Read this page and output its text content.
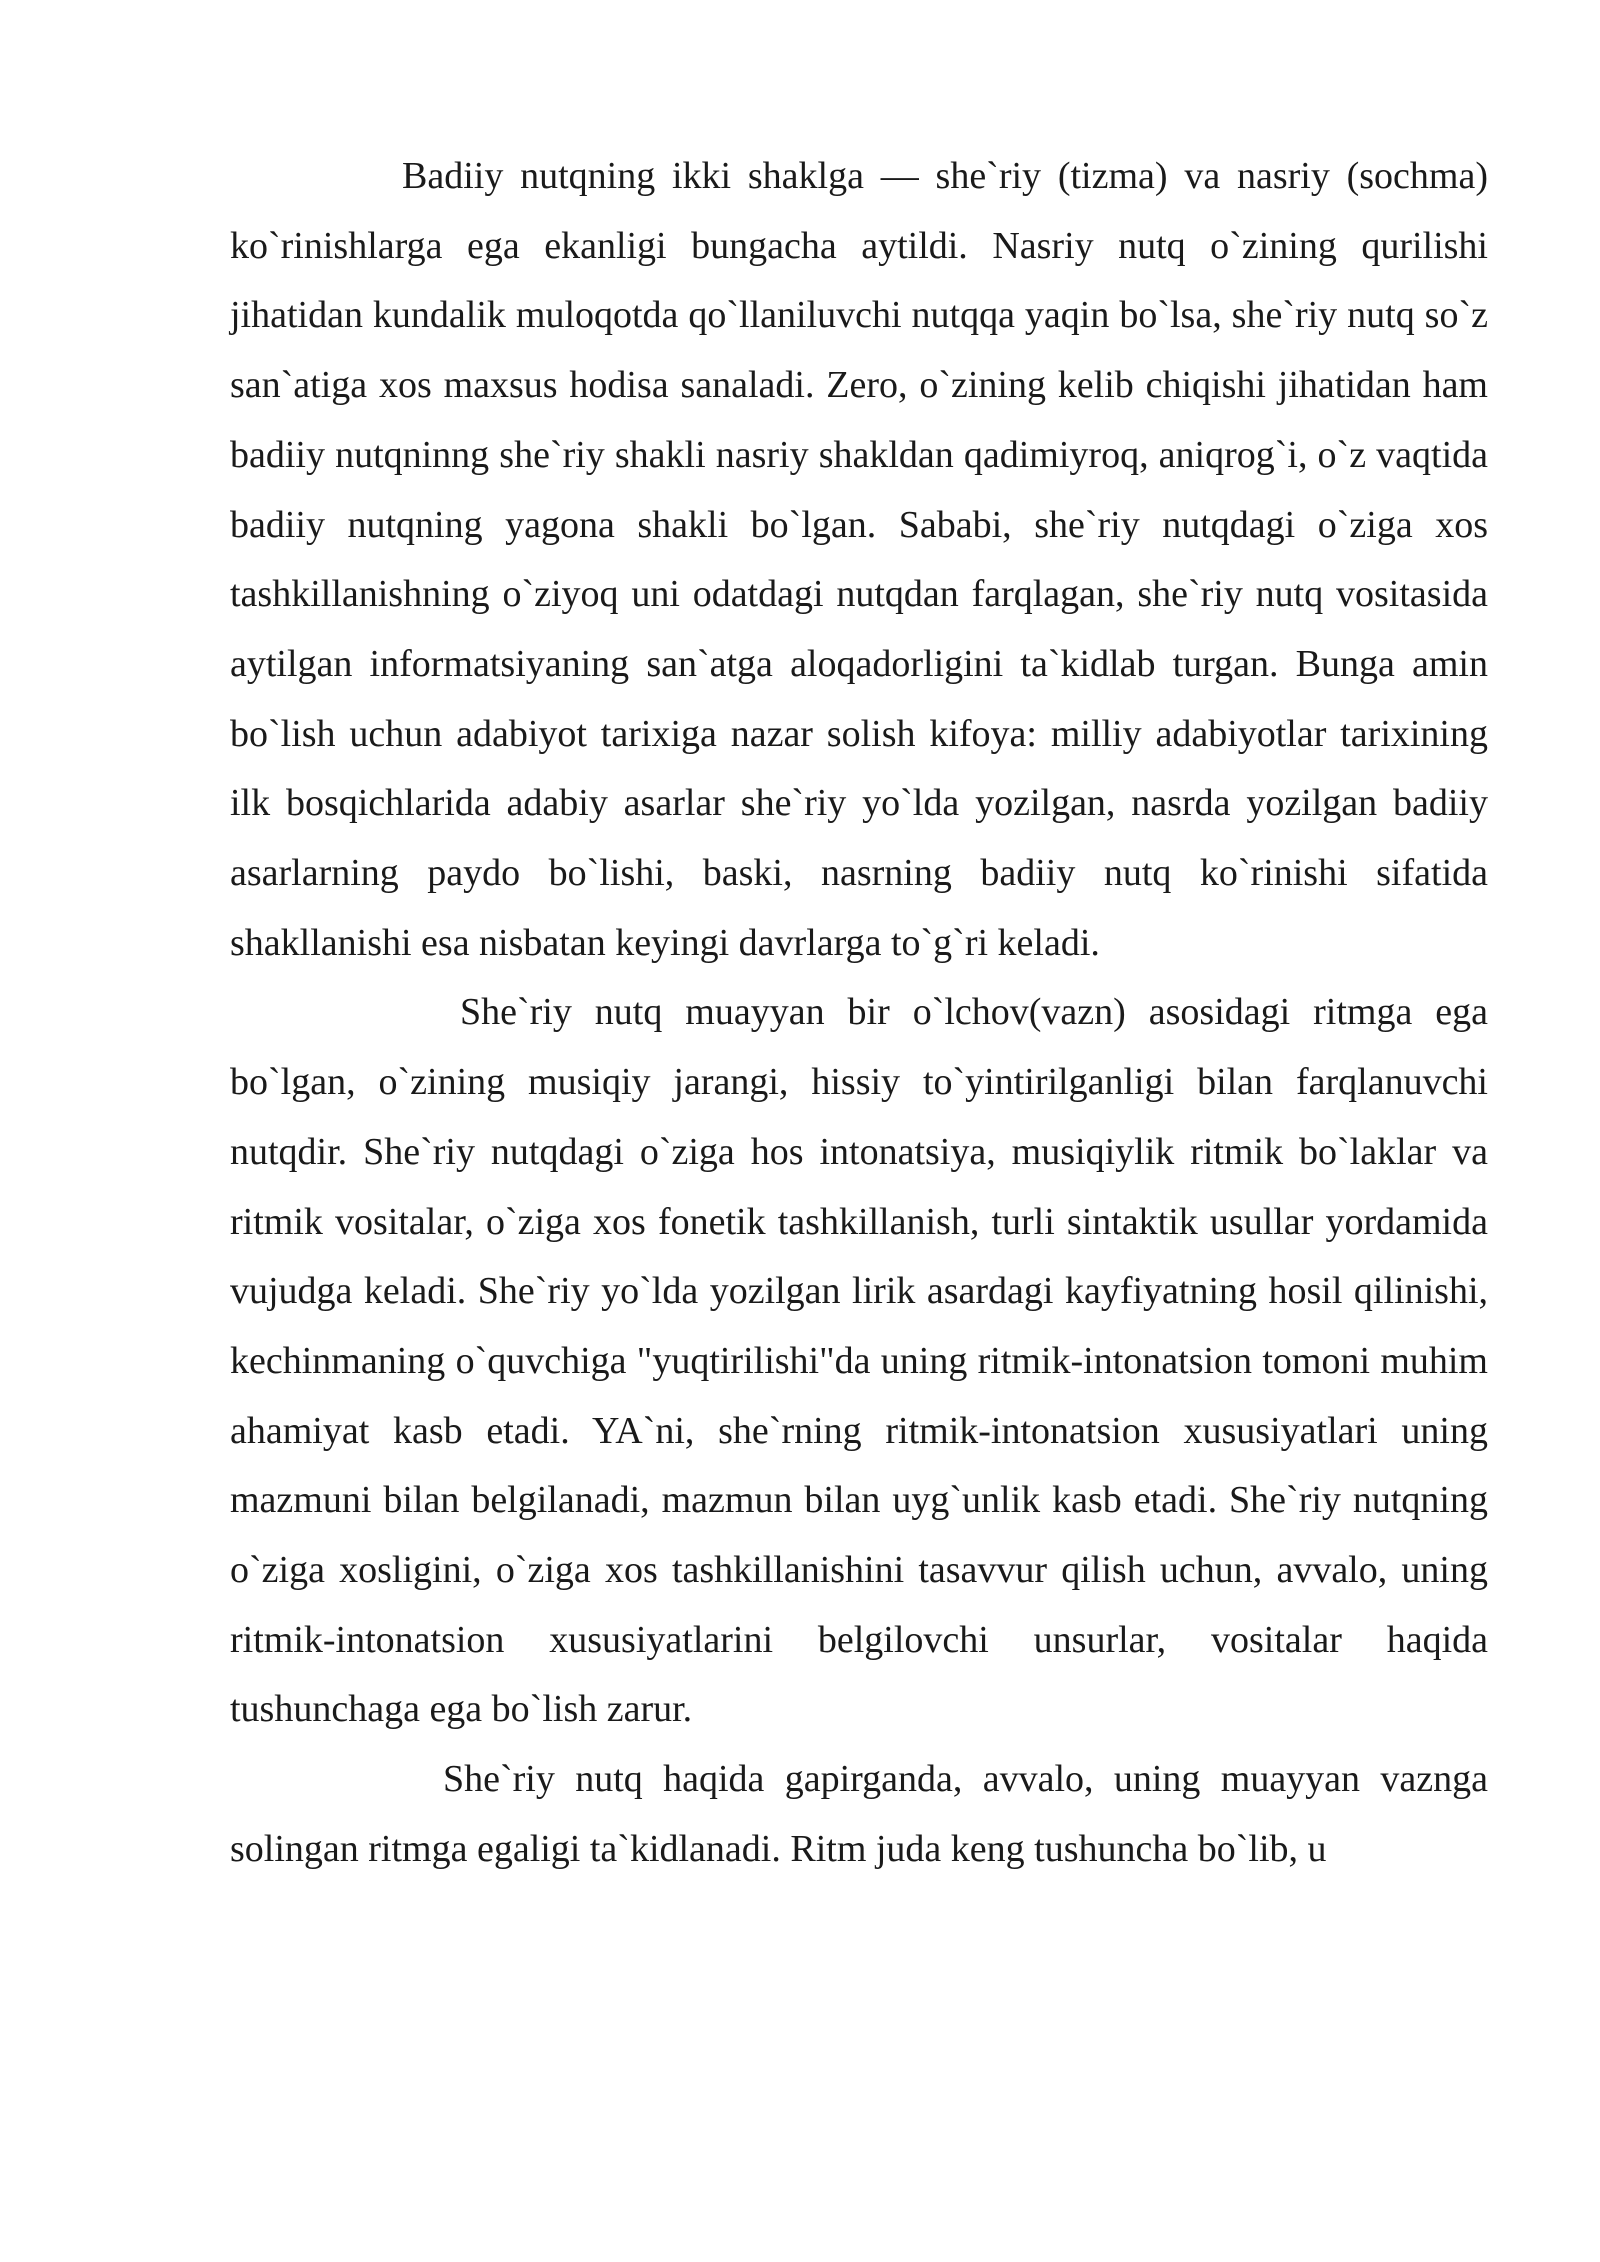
Badiiy nutqning ikki shaklga — she`riy (tizma) va nasriy (sochma) ko`rinishlarga ega ekanligi bungacha aytildi. Nasriy nutq o`zining qurilishi jihatidan kundalik muloqotda qo`llaniluvchi nutqqa yaqin bo`lsa, she`riy nutq so`z san`atiga xos maxsus hodisa sanaladi. Zero, o`zining kelib chiqishi jihatidan ham badiiy nutqninng she`riy shakli nasriy shakldan qadimiyroq, aniqrog`i, o`z vaqtida badiiy nutqning yagona shakli bo`lgan. Sababi, she`riy nutqdagi o`ziga xos tashkillanishning o`ziyoq uni odatdagi nutqdan farqlagan, she`riy nutq vositasida aytilgan informatsiyaning san`atga aloqadorligini ta`kidlab turgan. Bunga amin bo`lish uchun adabiyot tarixiga nazar solish kifoya: milliy adabiyotlar tarixining ilk bosqichlarida adabiy asarlar she`riy yo`lda yozilgan, nasrda yozilgan badiiy asarlarning paydo bo`lishi, baski, nasrning badiiy nutq ko`rinishi sifatida shakllanishi esa nisbatan keyingi davrlarga to`g`ri keladi.

She`riy nutq muayyan bir o`lchov(vazn) asosidagi ritmga ega bo`lgan, o`zining musiqiy jarangi, hissiy to`yintirilganligi bilan farqlanuvchi nutqdir. She`riy nutqdagi o`ziga hos intonatsiya, musiqiylik ritmik bo`laklar va ritmik vositalar, o`ziga xos fonetik tashkillanish, turli sintaktik usullar yordamida vujudga keladi. She`riy yo`lda yozilgan lirik asardagi kayfiyatning hosil qilinishi, kechinmaning o`quvchiga "yuqtirilishi"da uning ritmik-intonatsion tomoni muhim ahamiyat kasb etadi. YA`ni, she`rning ritmik-intonatsion xususiyatlari uning mazmuni bilan belgilanadi, mazmun bilan uyg`unlik kasb etadi. She`riy nutqning o`ziga xosligini, o`ziga xos tashkillanishini tasavvur qilish uchun, avvalo, uning ritmik-intonatsion xususiyatlarini belgilovchi unsurlar, vositalar haqida tushunchaga ega bo`lish zarur.

She`riy nutq haqida gapirganda, avvalo, uning muayyan vaznga solingan ritmga egaligi ta`kidlanadi. Ritm juda keng tushuncha bo`lib, u
